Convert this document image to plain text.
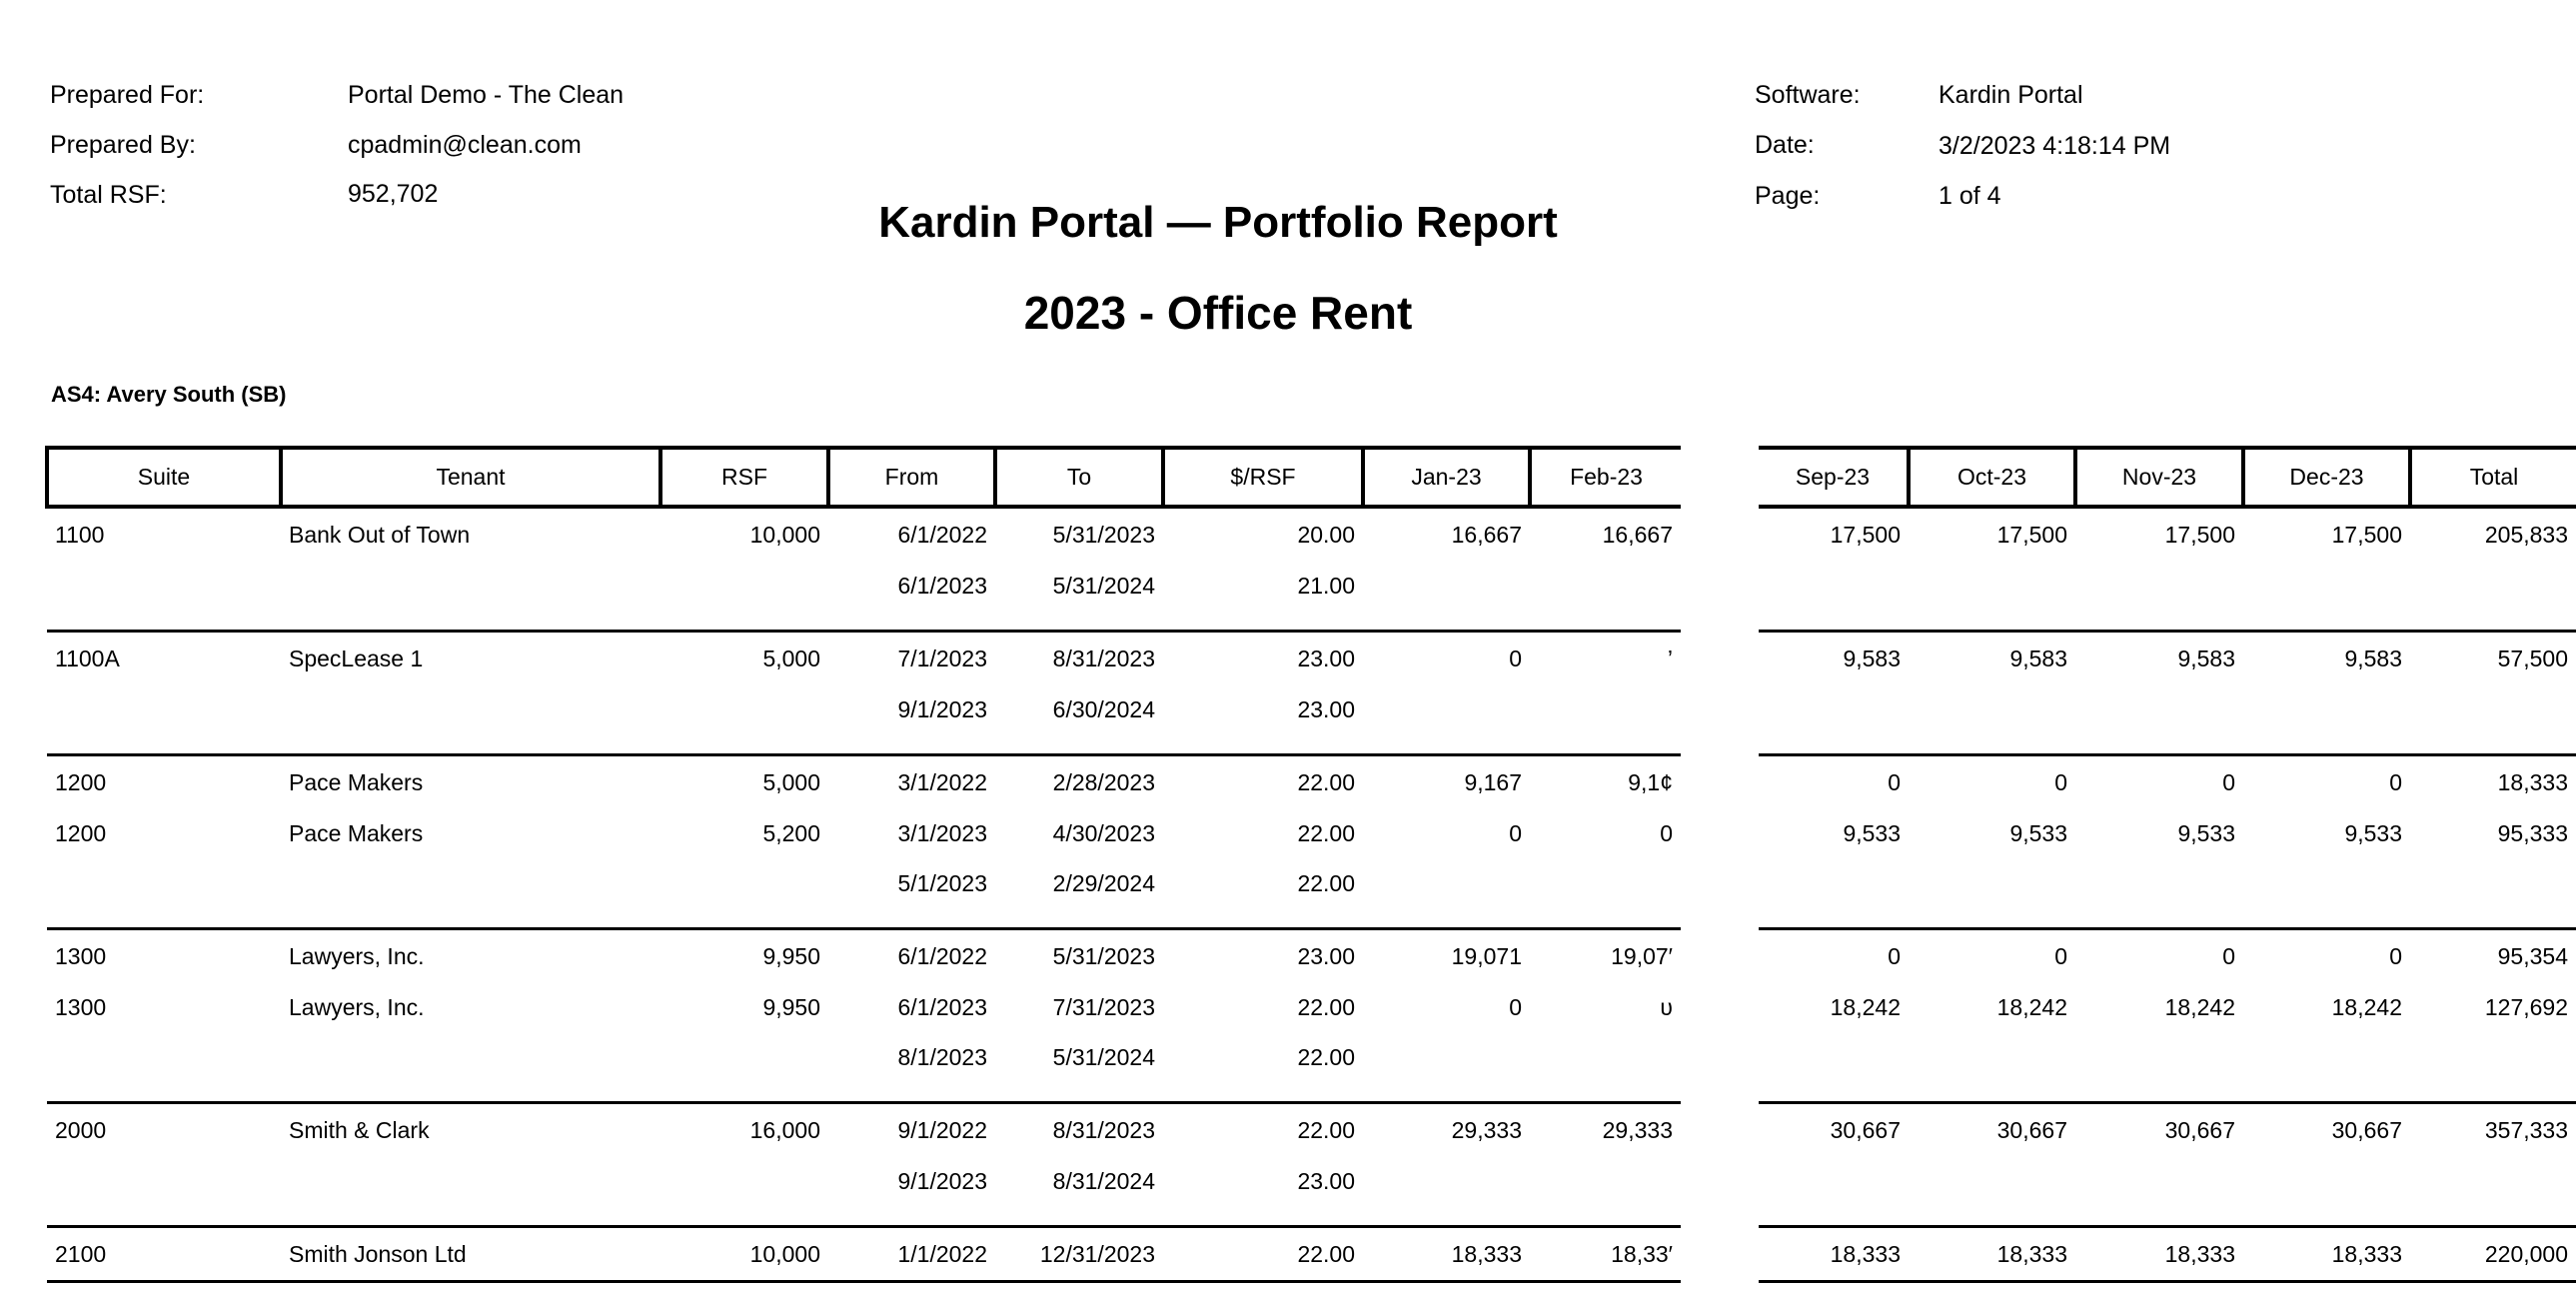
Prepared For:	Portal Demo - The Clean
Prepared By:	cpadmin@clean.com
Total RSF:	952,702
Software:	Kardin Portal
Date:	3/2/2023 4:18:14 PM
Page:	1 of 4
Kardin Portal — Portfolio Report
2023 - Office Rent
AS4: Avery South (SB)
Suite	Tenant	RSF	From	To	$/RSF	Jan-23	Feb-23
1100	Bank Out of Town	10,000	6/1/2022	5/31/2023	20.00	16,667	16,667
			6/1/2023	5/31/2024	21.00		

1100A	SpecLease 1	5,000	7/1/2023	8/31/2023	23.00	0	’
			9/1/2023	6/30/2024	23.00		

1200	Pace Makers	5,000	3/1/2022	2/28/2023	22.00	9,167	9,1¢
1200	Pace Makers	5,200	3/1/2023	4/30/2023	22.00	0	0
			5/1/2023	2/29/2024	22.00		

1300	Lawyers, Inc.	9,950	6/1/2022	5/31/2023	23.00	19,071	19,07′
1300	Lawyers, Inc.	9,950	6/1/2023	7/31/2023	22.00	0	υ
			8/1/2023	5/31/2024	22.00		

2000	Smith & Clark	16,000	9/1/2022	8/31/2023	22.00	29,333	29,333
			9/1/2023	8/31/2024	23.00		

2100	Smith Jonson Ltd	10,000	1/1/2022	12/31/2023	22.00	18,333	18,33′

Sep-23	Oct-23	Nov-23	Dec-23	Total
17,500	17,500	17,500	17,500	205,833

9,583	9,583	9,583	9,583	57,500

0	0	0	0	18,333
9,533	9,533	9,533	9,533	95,333

0	0	0	0	95,354
18,242	18,242	18,242	18,242	127,692

30,667	30,667	30,667	30,667	357,333

18,333	18,333	18,333	18,333	220,000
